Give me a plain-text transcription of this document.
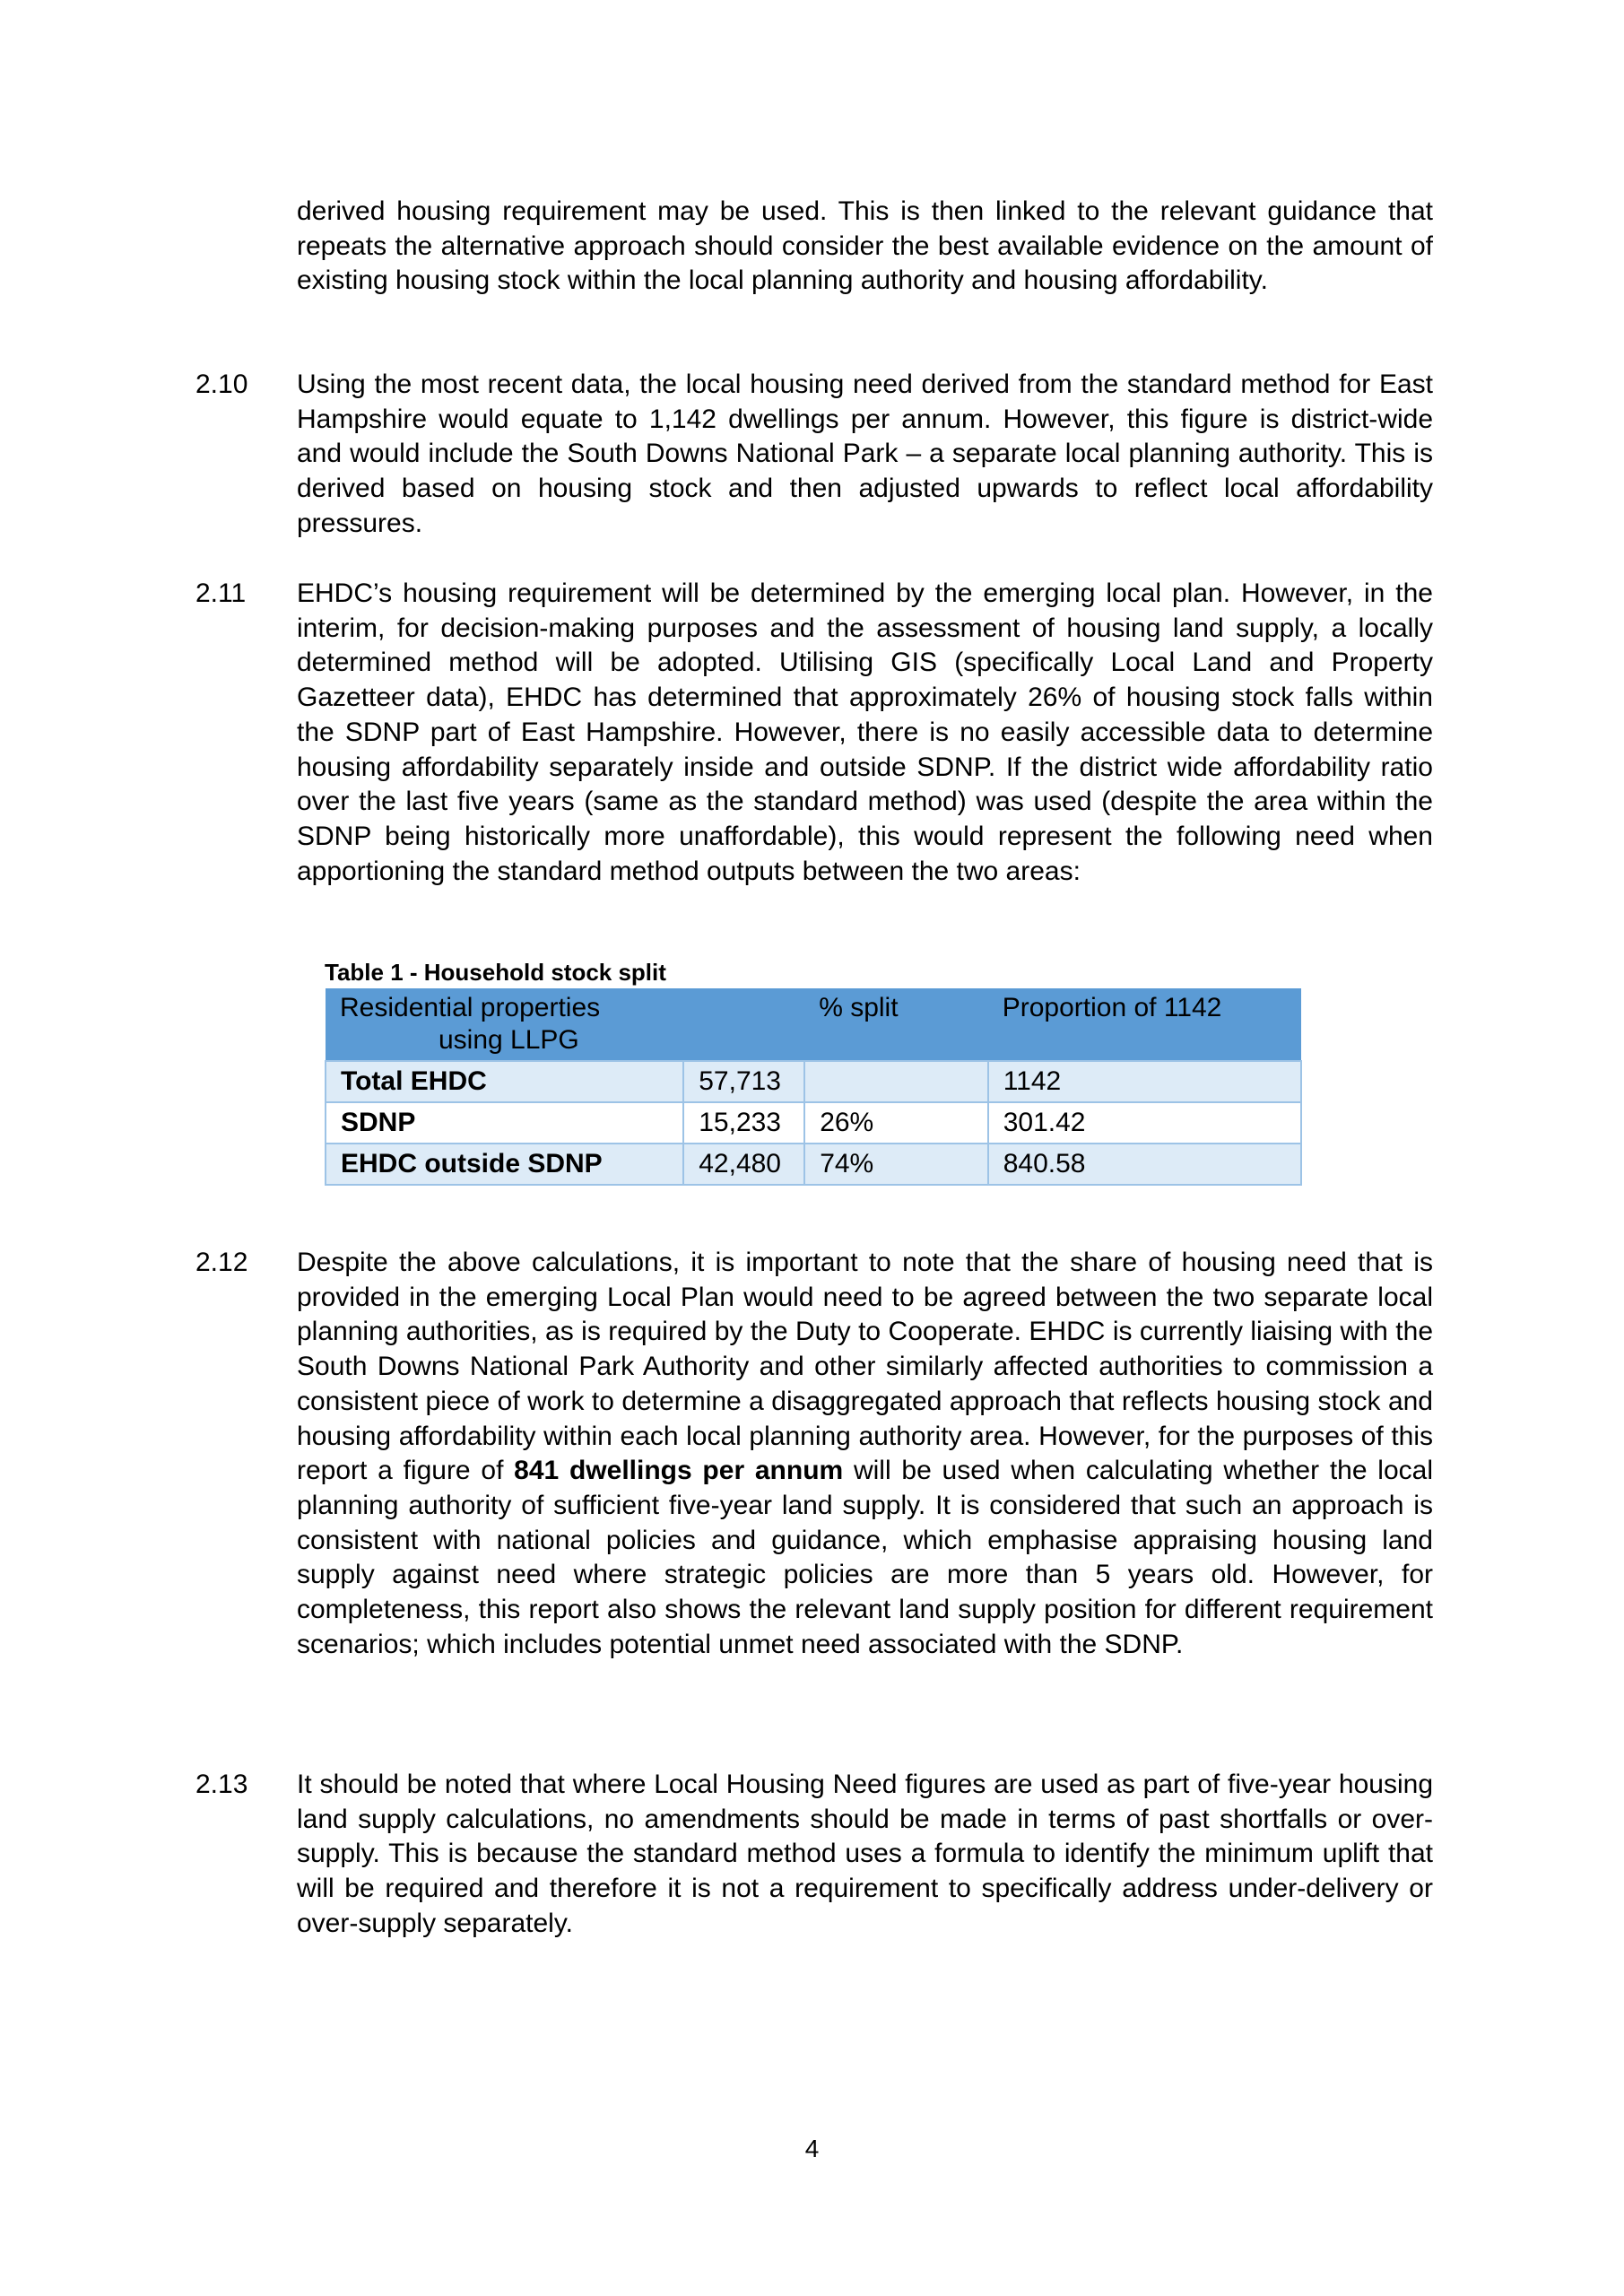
derived housing requirement may be used. This is then linked to the relevant guidance that repeats the alternative approach should consider the best available evidence on the amount of existing housing stock within the local planning authority and housing affordability.
2.10 Using the most recent data, the local housing need derived from the standard method for East Hampshire would equate to 1,142 dwellings per annum. However, this figure is district-wide and would include the South Downs National Park – a separate local planning authority. This is derived based on housing stock and then adjusted upwards to reflect local affordability pressures.
2.11 EHDC’s housing requirement will be determined by the emerging local plan. However, in the interim, for decision-making purposes and the assessment of housing land supply, a locally determined method will be adopted. Utilising GIS (specifically Local Land and Property Gazetteer data), EHDC has determined that approximately 26% of housing stock falls within the SDNP part of East Hampshire. However, there is no easily accessible data to determine housing affordability separately inside and outside SDNP. If the district wide affordability ratio over the last five years (same as the standard method) was used (despite the area within the SDNP being historically more unaffordable), this would represent the following need when apportioning the standard method outputs between the two areas:
Table 1 - Household stock split
Residential properties
using LLPG		% split	Proportion of 1142
Total EHDC	57,713		1142
SDNP	15,233	26%	301.42
EHDC outside SDNP	42,480	74%	840.58
2.12 Despite the above calculations, it is important to note that the share of housing need that is provided in the emerging Local Plan would need to be agreed between the two separate local planning authorities, as is required by the Duty to Cooperate. EHDC is currently liaising with the South Downs National Park Authority and other similarly affected authorities to commission a consistent piece of work to determine a disaggregated approach that reflects housing stock and housing affordability within each local planning authority area. However, for the purposes of this report a figure of 841 dwellings per annum will be used when calculating whether the local planning authority of sufficient five-year land supply. It is considered that such an approach is consistent with national policies and guidance, which emphasise appraising housing land supply against need where strategic policies are more than 5 years old. However, for completeness, this report also shows the relevant land supply position for different requirement scenarios; which includes potential unmet need associated with the SDNP.
2.13 It should be noted that where Local Housing Need figures are used as part of five-year housing land supply calculations, no amendments should be made in terms of past shortfalls or over-supply. This is because the standard method uses a formula to identify the minimum uplift that will be required and therefore it is not a requirement to specifically address under-delivery or over-supply separately.
4
